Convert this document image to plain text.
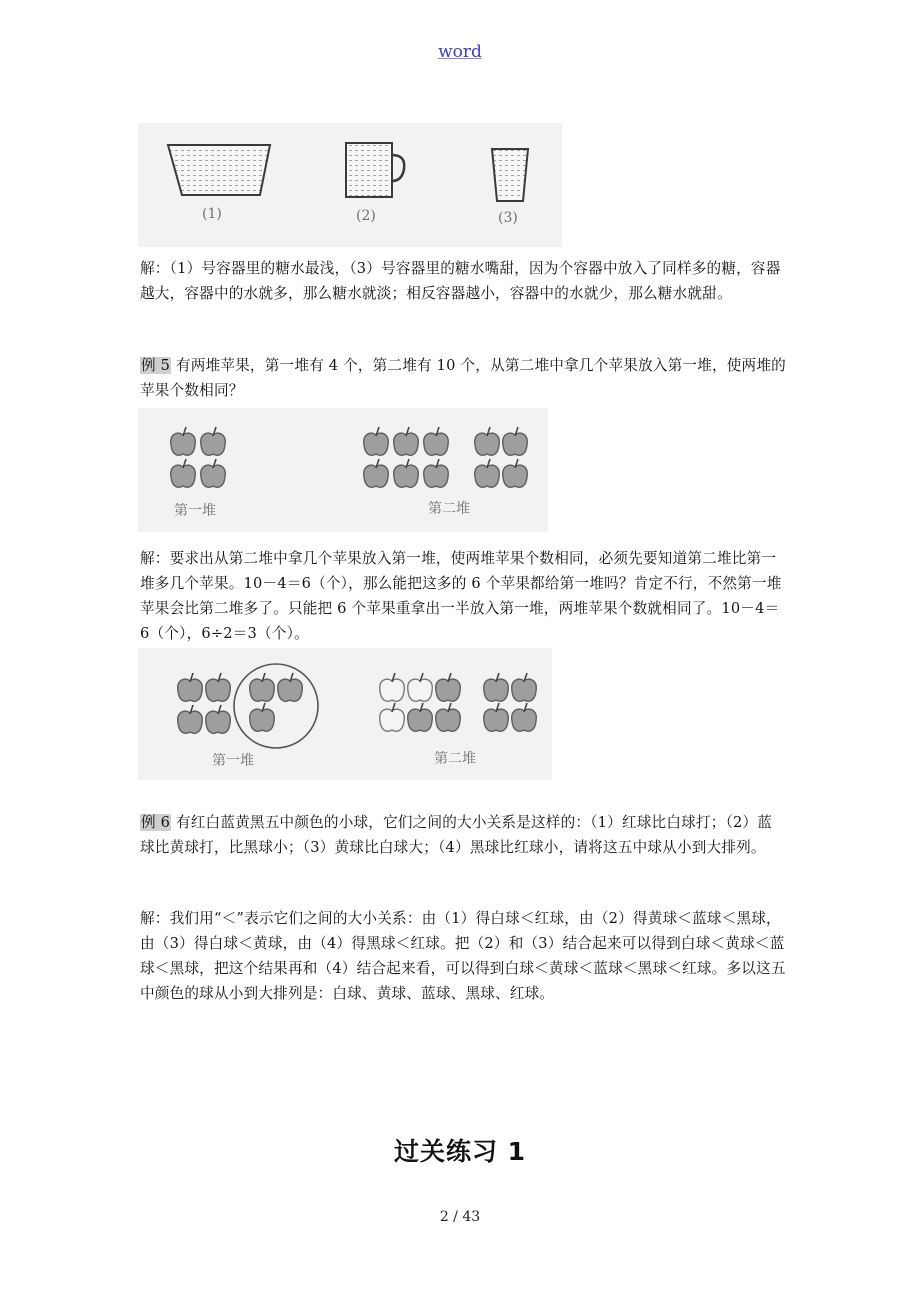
word
(1)	(2)	(3)
解：（1）号容器里的糖水最浅，（3）号容器里的糖水嘴甜，因为个容器中放入了同样多的糖，容器越大，容器中的水就多，那么糖水就淡；相反容器越小，容器中的水就少，那么糖水就甜。
例 5 有两堆苹果，第一堆有 4 个，第二堆有 10 个，从第二堆中拿几个苹果放入第一堆，使两堆的苹果个数相同？
第一堆	第二堆
解：要求出从第二堆中拿几个苹果放入第一堆，使两堆苹果个数相同，必须先要知道第二堆比第一堆多几个苹果。10－4＝6（个），那么能把这多的 6 个苹果都给第一堆吗？肯定不行，不然第一堆苹果会比第二堆多了。只能把 6 个苹果重拿出一半放入第一堆，两堆苹果个数就相同了。10－4＝6（个），6÷2＝3（个）。
第一堆	第二堆
例 6 有红白蓝黄黑五中颜色的小球，它们之间的大小关系是这样的：（1）红球比白球打；（2）蓝球比黄球打，比黑球小；（3）黄球比白球大；（4）黑球比红球小，请将这五中球从小到大排列。
解：我们用“＜”表示它们之间的大小关系：由（1）得白球＜红球，由（2）得黄球＜蓝球＜黑球，由（3）得白球＜黄球，由（4）得黑球＜红球。把（2）和（3）结合起来可以得到白球＜黄球＜蓝球＜黑球，把这个结果再和（4）结合起来看，可以得到白球＜黄球＜蓝球＜黑球＜红球。多以这五中颜色的球从小到大排列是：白球、黄球、蓝球、黑球、红球。
过关练习 1
2 / 43
